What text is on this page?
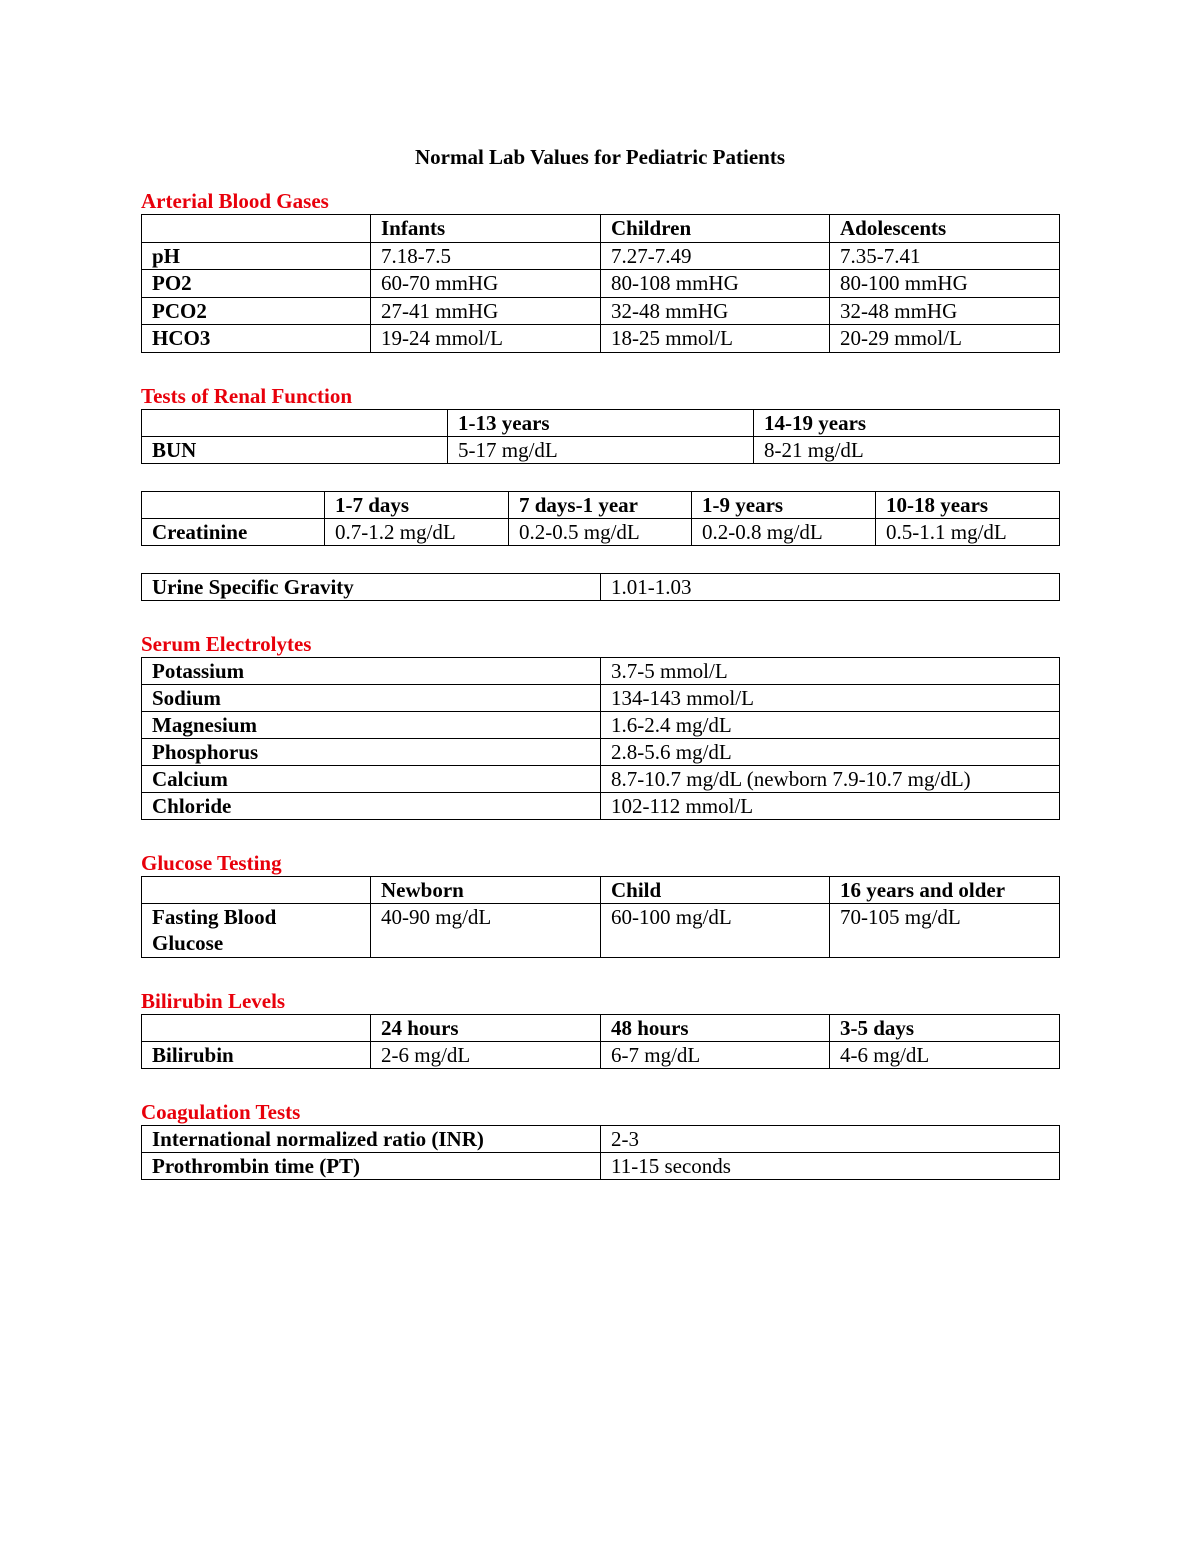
Normal Lab Values for Pediatric Patients
Arterial Blood Gases
	Infants	Children	Adolescents
pH	7.18-7.5	7.27-7.49	7.35-7.41
PO2	60-70 mmHG	80-108 mmHG	80-100 mmHG
PCO2	27-41 mmHG	32-48 mmHG	32-48 mmHG
HCO3	19-24 mmol/L	18-25 mmol/L	20-29 mmol/L
Tests of Renal Function
	1-13 years	14-19 years
BUN	5-17 mg/dL	8-21 mg/dL
	1-7 days	7 days-1 year	1-9 years	10-18 years
Creatinine	0.7-1.2 mg/dL	0.2-0.5 mg/dL	0.2-0.8 mg/dL	0.5-1.1 mg/dL
Urine Specific Gravity	1.01-1.03
Serum Electrolytes
Potassium	3.7-5 mmol/L
Sodium	134-143 mmol/L
Magnesium	1.6-2.4 mg/dL
Phosphorus	2.8-5.6 mg/dL
Calcium	8.7-10.7 mg/dL (newborn 7.9-10.7 mg/dL)
Chloride	102-112 mmol/L
Glucose Testing
	Newborn	Child	16 years and older

Fasting Blood
Glucose	40-90 mg/dL	60-100 mg/dL	70-105 mg/dL
Bilirubin Levels
	24 hours	48 hours	3-5 days
Bilirubin	2-6 mg/dL	6-7 mg/dL	4-6 mg/dL
Coagulation Tests
International normalized ratio (INR)	2-3
Prothrombin time (PT)	11-15 seconds
